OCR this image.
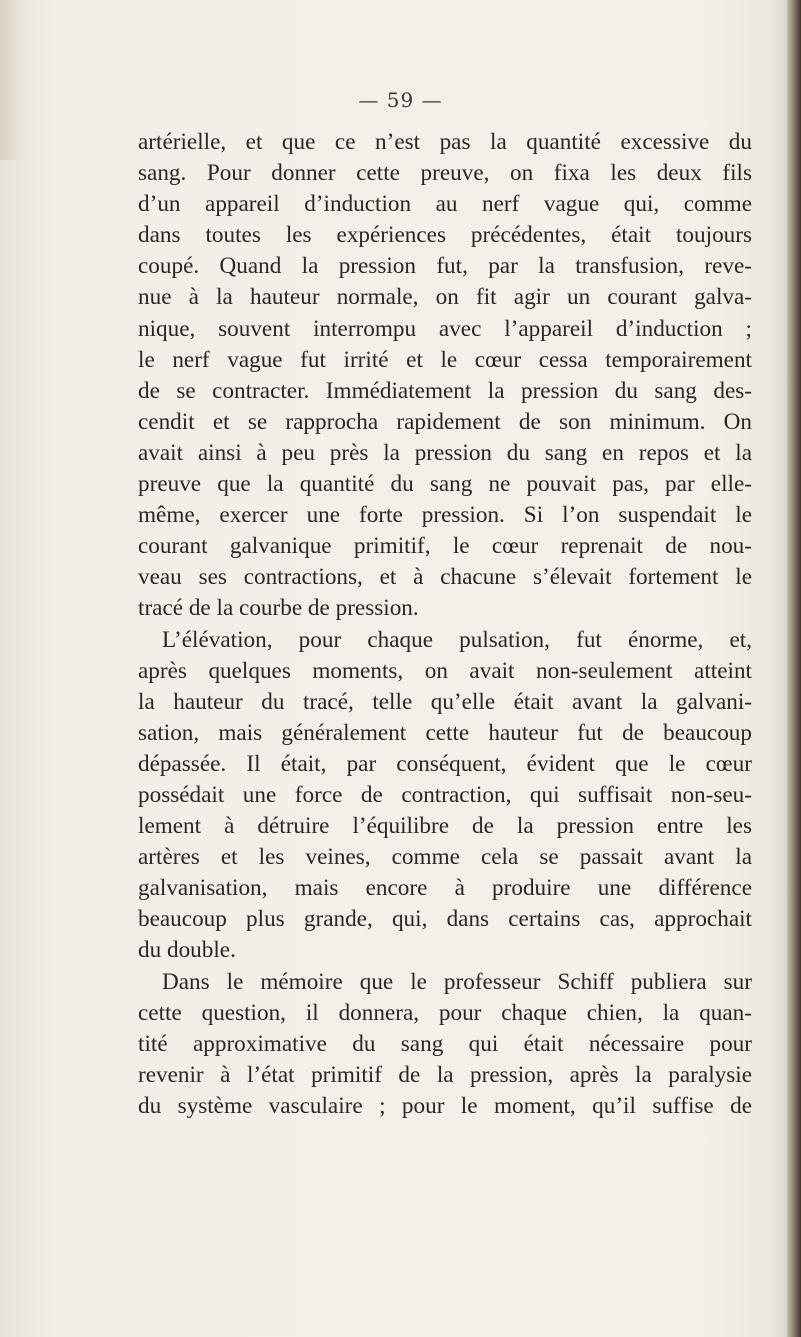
— 59 —
artérielle, et que ce n’est pas la quantité excessive du
sang. Pour donner cette preuve, on fixa les deux fils
d’un appareil d’induction au nerf vague qui, comme
dans toutes les expériences précédentes, était toujours
coupé. Quand la pression fut, par la transfusion, reve-
nue à la hauteur normale, on fit agir un courant galva-
nique, souvent interrompu avec l’appareil d’induction ;
le nerf vague fut irrité et le cœur cessa temporairement
de se contracter. Immédiatement la pression du sang des-
cendit et se rapprocha rapidement de son minimum. On
avait ainsi à peu près la pression du sang en repos et la
preuve que la quantité du sang ne pouvait pas, par elle-
même, exercer une forte pression. Si l’on suspendait le
courant galvanique primitif, le cœur reprenait de nou-
veau ses contractions, et à chacune s’élevait fortement le
tracé de la courbe de pression.
L’élévation, pour chaque pulsation, fut énorme, et,
après quelques moments, on avait non-seulement atteint
la hauteur du tracé, telle qu’elle était avant la galvani-
sation, mais généralement cette hauteur fut de beaucoup
dépassée. Il était, par conséquent, évident que le cœur
possédait une force de contraction, qui suffisait non-seu-
lement à détruire l’équilibre de la pression entre les
artères et les veines, comme cela se passait avant la
galvanisation, mais encore à produire une différence
beaucoup plus grande, qui, dans certains cas, approchait
du double.
Dans le mémoire que le professeur Schiff publiera sur
cette question, il donnera, pour chaque chien, la quan-
tité approximative du sang qui était nécessaire pour
revenir à l’état primitif de la pression, après la paralysie
du système vasculaire ; pour le moment, qu’il suffise de
